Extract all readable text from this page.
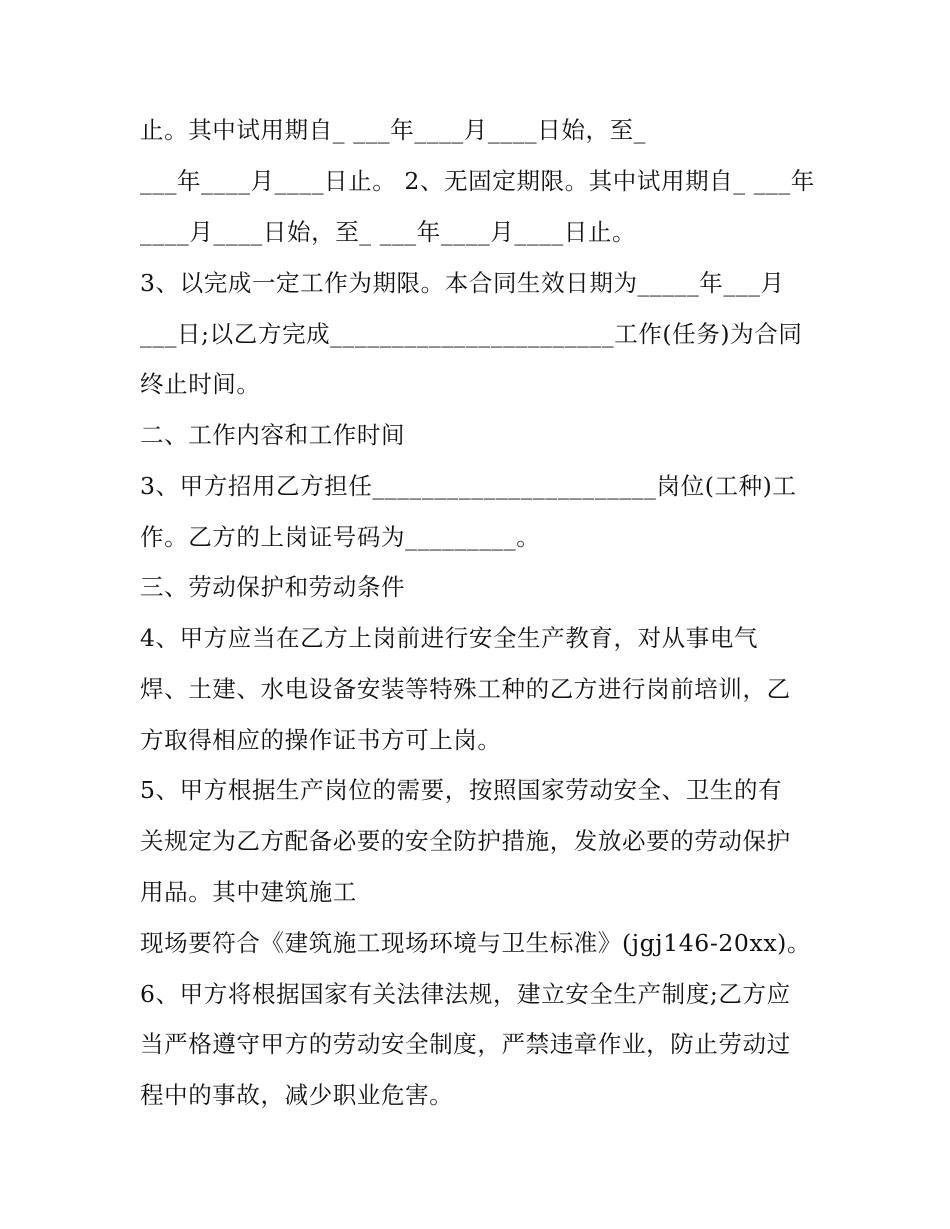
止。其中试用期自_ ___年____月____日始，至_
___年____月____日止。 2、无固定期限。其中试用期自_ ___年
____月____日始，至_ ___年____月____日止。
3、以完成一定工作为期限。本合同生效日期为_____年___月
___日;以乙方完成_______________________工作(任务)为合同
终止时间。
二、工作内容和工作时间
3、甲方招用乙方担任_______________________岗位(工种)工
作。乙方的上岗证号码为_________。
三、劳动保护和劳动条件
4、甲方应当在乙方上岗前进行安全生产教育，对从事电气
焊、土建、水电设备安装等特殊工种的乙方进行岗前培训，乙
方取得相应的操作证书方可上岗。
5、甲方根据生产岗位的需要，按照国家劳动安全、卫生的有
关规定为乙方配备必要的安全防护措施，发放必要的劳动保护
用品。其中建筑施工
现场要符合《建筑施工现场环境与卫生标准》(jgj146-20xx)。
6、甲方将根据国家有关法律法规，建立安全生产制度;乙方应
当严格遵守甲方的劳动安全制度，严禁违章作业，防止劳动过
程中的事故，减少职业危害。
